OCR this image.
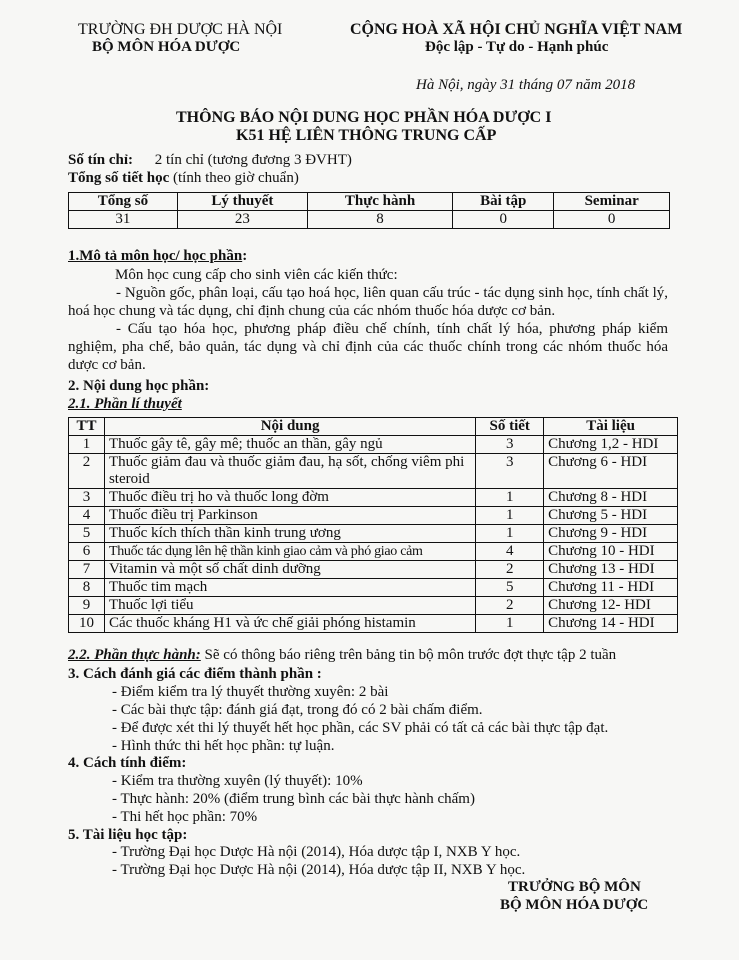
TRƯỜNG ĐH DƯỢC HÀ NỘI
BỘ MÔN HÓA DƯỢC
CỘNG HOÀ XÃ HỘI CHỦ NGHĨA VIỆT NAM
Độc lập - Tự do - Hạnh phúc
Hà Nội, ngày 31 tháng 07 năm 2018
THÔNG BÁO NỘI DUNG HỌC PHẦN HÓA DƯỢC I
K51 HỆ LIÊN THÔNG TRUNG CẤP
Số tín chỉ: 2 tín chỉ (tương đương 3 ĐVHT)
Tổng số tiết học (tính theo giờ chuẩn)
Tổng số	Lý thuyết	Thực hành	Bài tập	Seminar
31	23	8	0	0
1.Mô tả môn học/ học phần:
Môn học cung cấp cho sinh viên các kiến thức:
- Nguồn gốc, phân loại, cấu tạo hoá học, liên quan cấu trúc - tác dụng sinh học, tính chất lý, hoá học chung và tác dụng, chỉ định chung của các nhóm thuốc hóa dược cơ bản.
- Cấu tạo hóa học, phương pháp điều chế chính, tính chất lý hóa, phương pháp kiểm nghiệm, pha chế, bảo quản, tác dụng và chỉ định của các thuốc chính trong các nhóm thuốc hóa dược cơ bản.
2. Nội dung học phần:
2.1. Phần lí thuyết
TT	Nội dung	Số tiết	Tài liệu
1	Thuốc gây tê, gây mê; thuốc an thần, gây ngủ	3	Chương 1,2 - HDI
2	Thuốc giảm đau và thuốc giảm đau, hạ sốt, chống viêm phi steroid	3	Chương 6 - HDI
3	Thuốc điều trị ho và thuốc long đờm	1	Chương 8 - HDI
4	Thuốc điều trị Parkinson	1	Chương 5 - HDI
5	Thuốc kích thích thần kinh trung ương	1	Chương 9 - HDI
6	Thuốc tác dụng lên hệ thần kinh giao cảm và phó giao cảm	4	Chương 10 - HDI
7	Vitamin và một số chất dinh dưỡng	2	Chương 13 - HDI
8	Thuốc tim mạch	5	Chương 11 - HDI
9	Thuốc lợi tiểu	2	Chương 12- HDI
10	Các thuốc kháng H1 và ức chế giải phóng histamin	1	Chương 14 - HDI
2.2. Phần thực hành: Sẽ có thông báo riêng trên bảng tin bộ môn trước đợt thực tập 2 tuần
3. Cách đánh giá các điểm thành phần :
- Điểm kiểm tra lý thuyết thường xuyên: 2 bài
- Các bài thực tập: đánh giá đạt, trong đó có 2 bài chấm điểm.
- Để được xét thi lý thuyết hết học phần, các SV phải có tất cả các bài thực tập đạt.
- Hình thức thi hết học phần: tự luận.
4. Cách tính điểm:
- Kiểm tra thường xuyên (lý thuyết): 10%
- Thực hành: 20% (điểm trung bình các bài thực hành chấm)
- Thi hết học phần: 70%
5. Tài liệu học tập:
- Trường Đại học Dược Hà nội (2014), Hóa dược tập I, NXB Y học.
- Trường Đại học Dược Hà nội (2014), Hóa dược tập II, NXB Y học.
TRƯỞNG BỘ MÔN
BỘ MÔN HÓA DƯỢC
